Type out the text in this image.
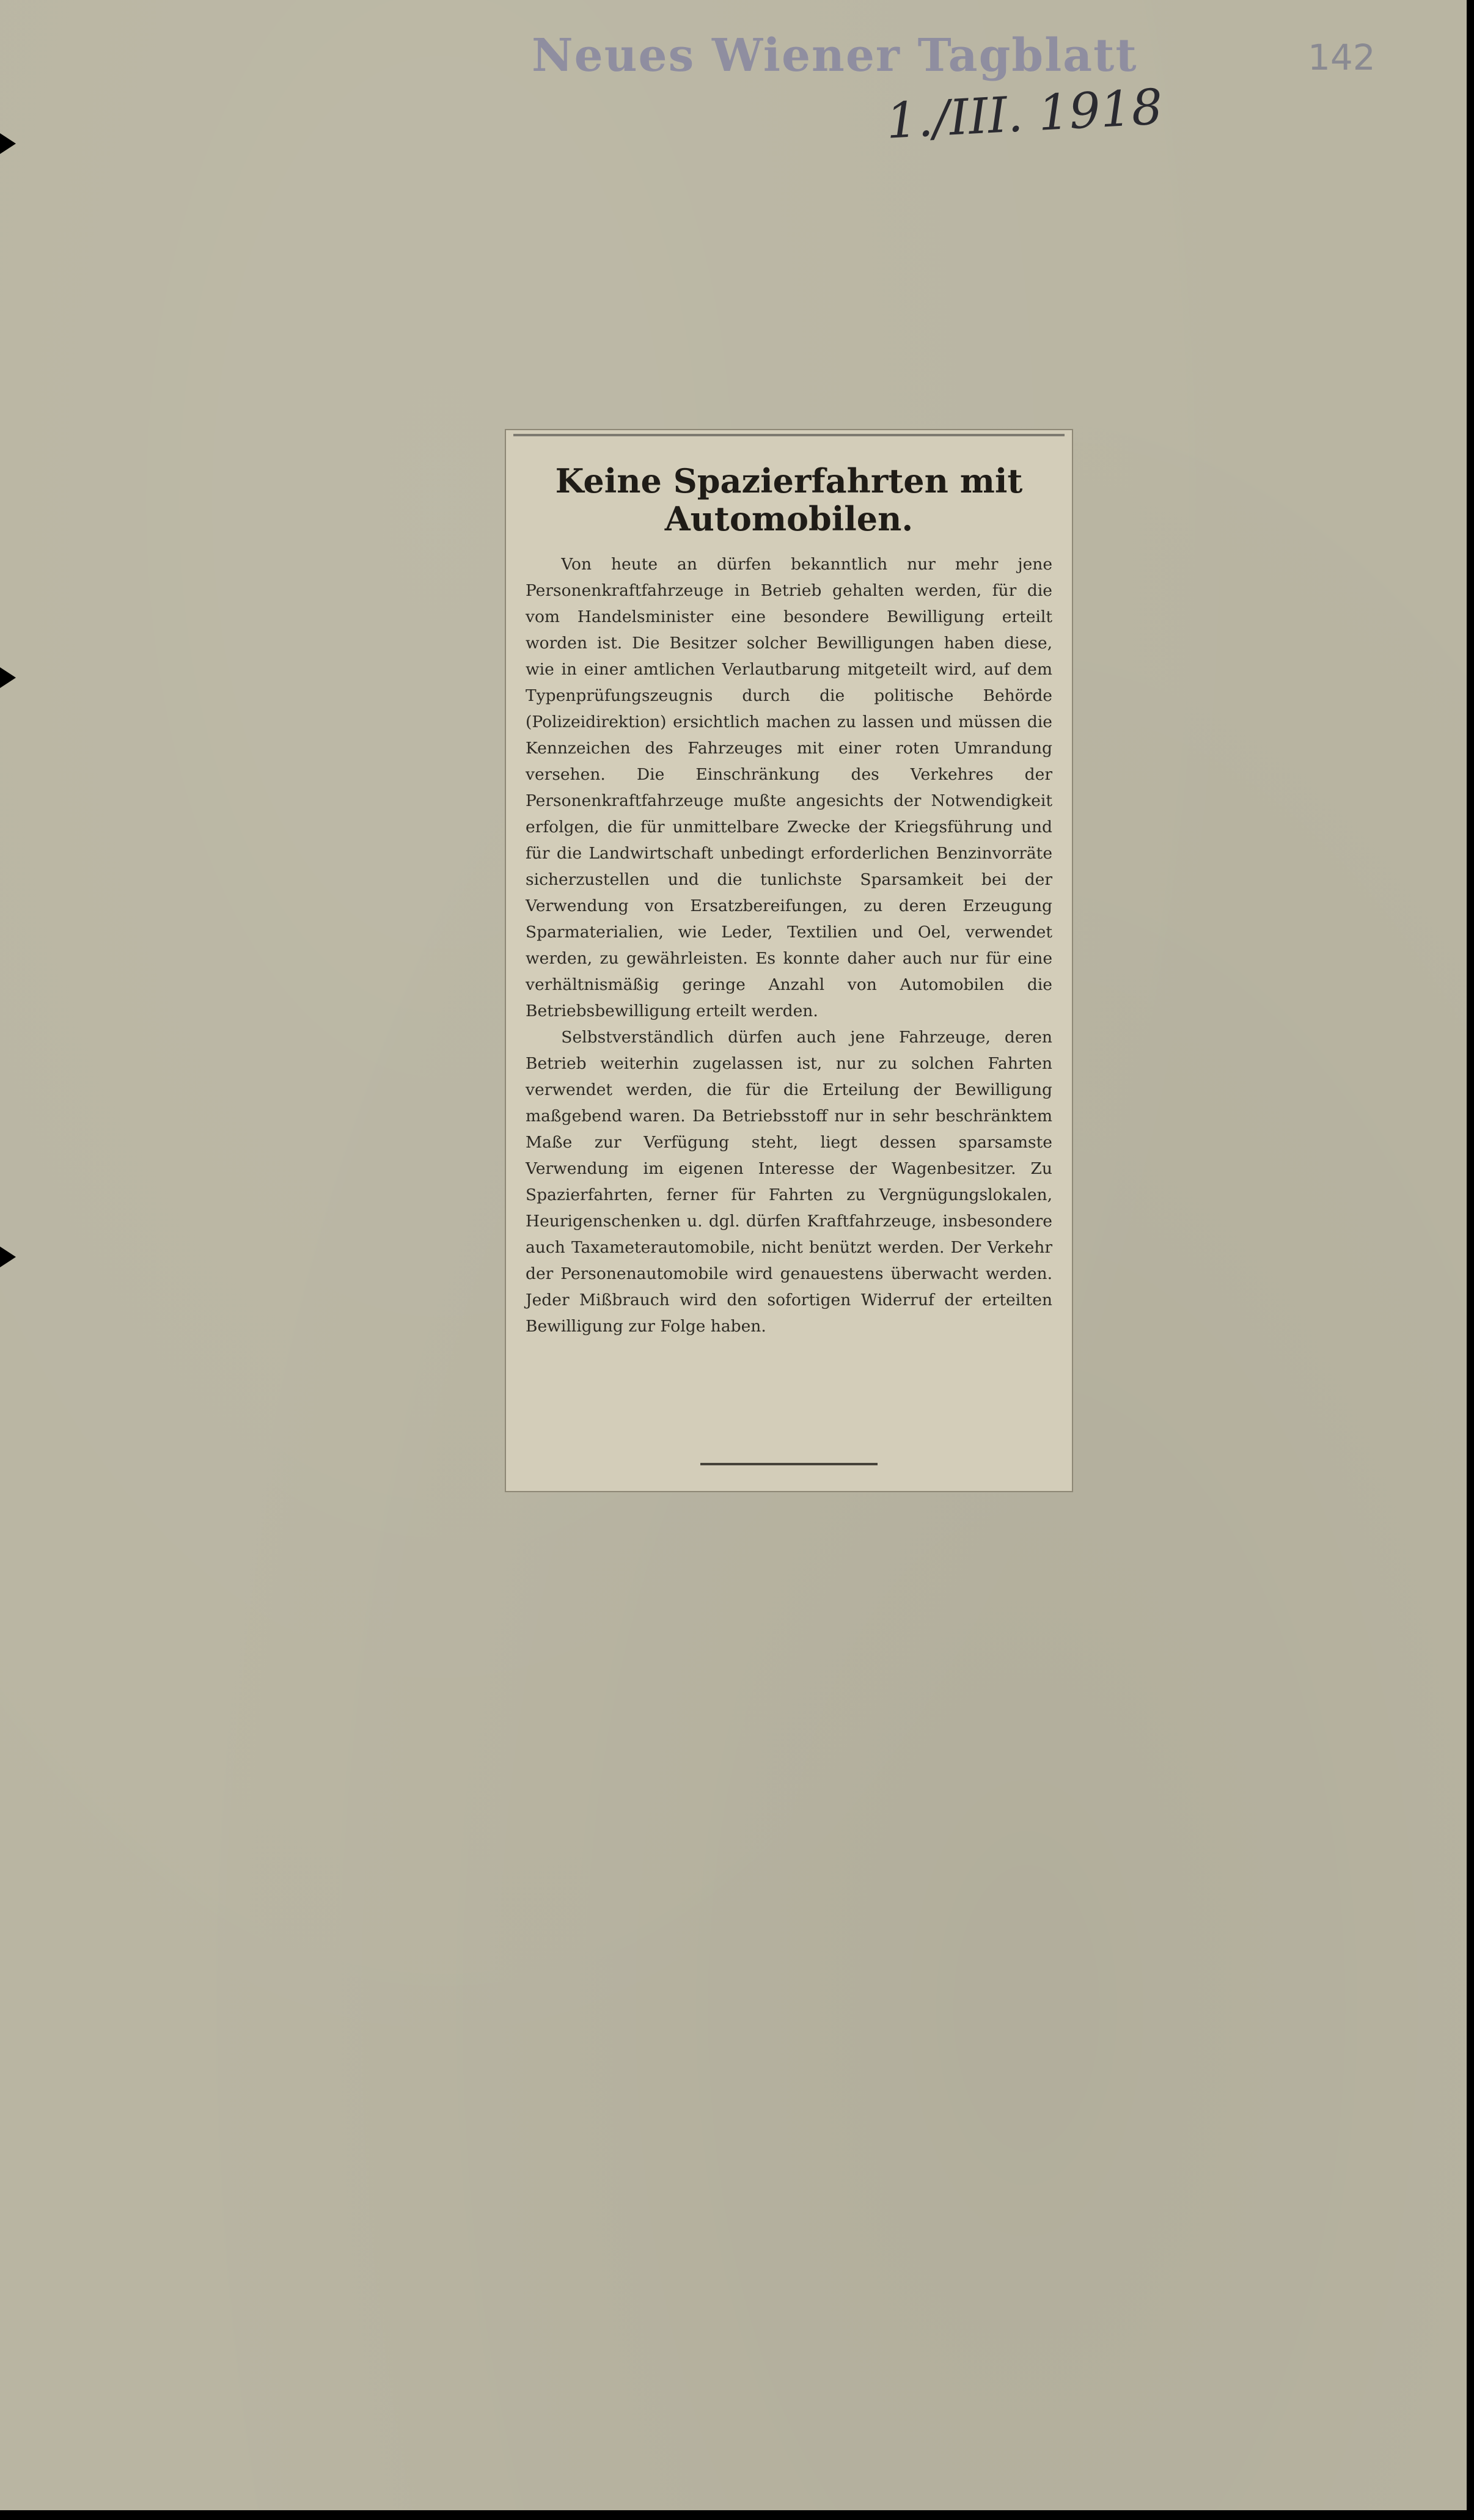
Neues Wiener Tagblatt	142
1./III. 1918
Keine Spazierfahrten mit Automobilen.

Von heute an dürfen bekanntlich nur mehr jene Personenkraftfahrzeuge in Betrieb gehalten werden, für die vom Handelsminister eine besondere Bewilligung erteilt worden ist. Die Besitzer solcher Bewilligungen haben diese, wie in einer amtlichen Verlautbarung mitgeteilt wird, auf dem Typenprüfungszeugnis durch die politische Behörde (Polizeidirektion) ersichtlich machen zu lassen und müssen die Kennzeichen des Fahrzeuges mit einer roten Umrandung versehen. Die Einschränkung des Verkehres der Personenkraftfahrzeuge mußte angesichts der Notwendigkeit erfolgen, die für unmittelbare Zwecke der Kriegsführung und für die Landwirtschaft unbedingt erforderlichen Benzinvorräte sicherzustellen und die tunlichste Sparsamkeit bei der Verwendung von Ersatzbereifungen, zu deren Erzeugung Sparmaterialien, wie Leder, Textilien und Oel, verwendet werden, zu gewährleisten. Es konnte daher auch nur für eine verhältnismäßig geringe Anzahl von Automobilen die Betriebsbewilligung erteilt werden.

Selbstverständlich dürfen auch jene Fahrzeuge, deren Betrieb weiterhin zugelassen ist, nur zu solchen Fahrten verwendet werden, die für die Erteilung der Bewilligung maßgebend waren. Da Betriebsstoff nur in sehr beschränktem Maße zur Verfügung steht, liegt dessen sparsamste Verwendung im eigenen Interesse der Wagenbesitzer. Zu Spazierfahrten, ferner für Fahrten zu Vergnügungslokalen, Heurigenschenken u. dgl. dürfen Kraftfahrzeuge, insbesondere auch Taxameterautomobile, nicht benützt werden. Der Verkehr der Personenautomobile wird genauestens überwacht werden. Jeder Mißbrauch wird den sofortigen Widerruf der erteilten Bewilligung zur Folge haben.
